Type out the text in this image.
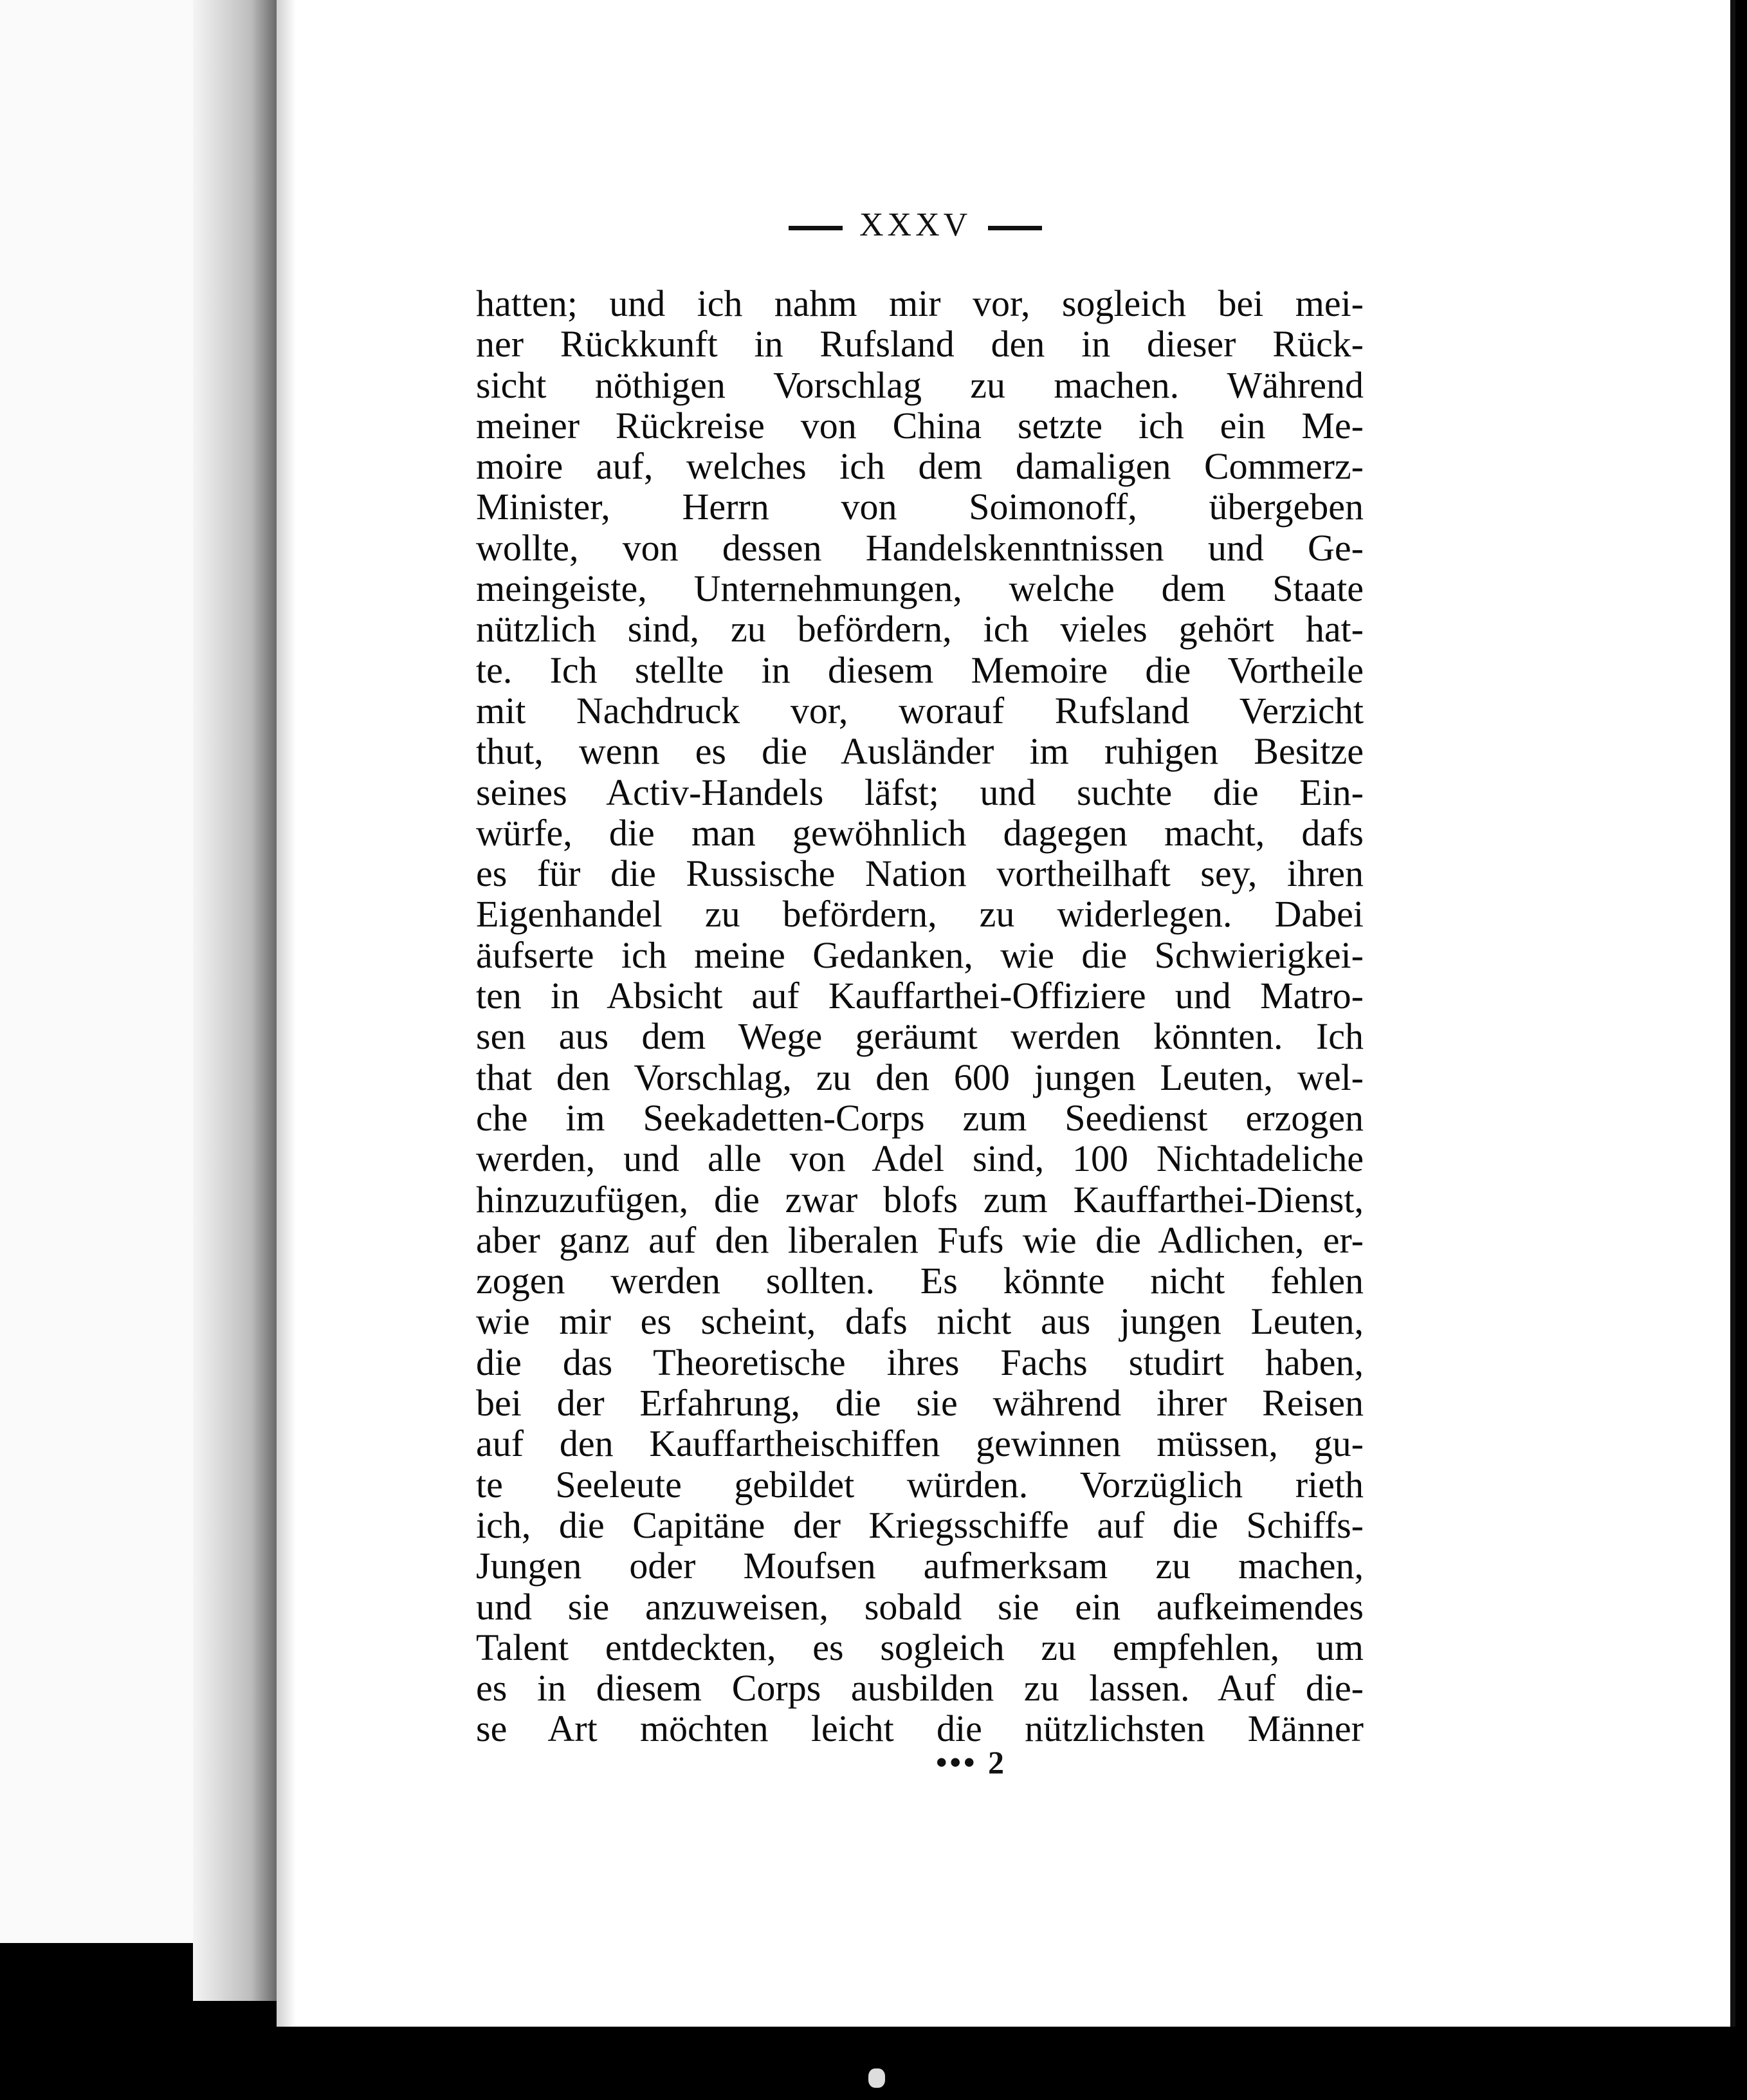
XXXV
hatten; und ich nahm mir vor, sogleich bei mei-
ner Rückkunft in Rufsland den in dieser Rück-
sicht nöthigen Vorschlag zu machen. Während
meiner Rückreise von China setzte ich ein Me-
moire auf, welches ich dem damaligen Commerz-
Minister, Herrn von Soimonoff, übergeben
wollte, von dessen Handelskenntnissen und Ge-
meingeiste, Unternehmungen, welche dem Staate
nützlich sind, zu befördern, ich vieles gehört hat-
te. Ich stellte in diesem Memoire die Vortheile
mit Nachdruck vor, worauf Rufsland Verzicht
thut, wenn es die Ausländer im ruhigen Besitze
seines Activ-Handels läfst; und suchte die Ein-
würfe, die man gewöhnlich dagegen macht, dafs
es für die Russische Nation vortheilhaft sey, ihren
Eigenhandel zu befördern, zu widerlegen. Dabei
äufserte ich meine Gedanken, wie die Schwierigkei-
ten in Absicht auf Kauffarthei-Offiziere und Matro-
sen aus dem Wege geräumt werden könnten. Ich
that den Vorschlag, zu den 600 jungen Leuten, wel-
che im Seekadetten-Corps zum Seedienst erzogen
werden, und alle von Adel sind, 100 Nichtadeliche
hinzuzufügen, die zwar blofs zum Kauffarthei-Dienst,
aber ganz auf den liberalen Fufs wie die Adlichen, er-
zogen werden sollten. Es könnte nicht fehlen
wie mir es scheint, dafs nicht aus jungen Leuten,
die das Theoretische ihres Fachs studirt haben,
bei der Erfahrung, die sie während ihrer Reisen
auf den Kauffartheischiffen gewinnen müssen, gu-
te Seeleute gebildet würden. Vorzüglich rieth
ich, die Capitäne der Kriegsschiffe auf die Schiffs-
Jungen oder Moufsen aufmerksam zu machen,
und sie anzuweisen, sobald sie ein aufkeimendes
Talent entdeckten, es sogleich zu empfehlen, um
es in diesem Corps ausbilden zu lassen. Auf die-
se Art möchten leicht die nützlichsten Männer
••• 2
